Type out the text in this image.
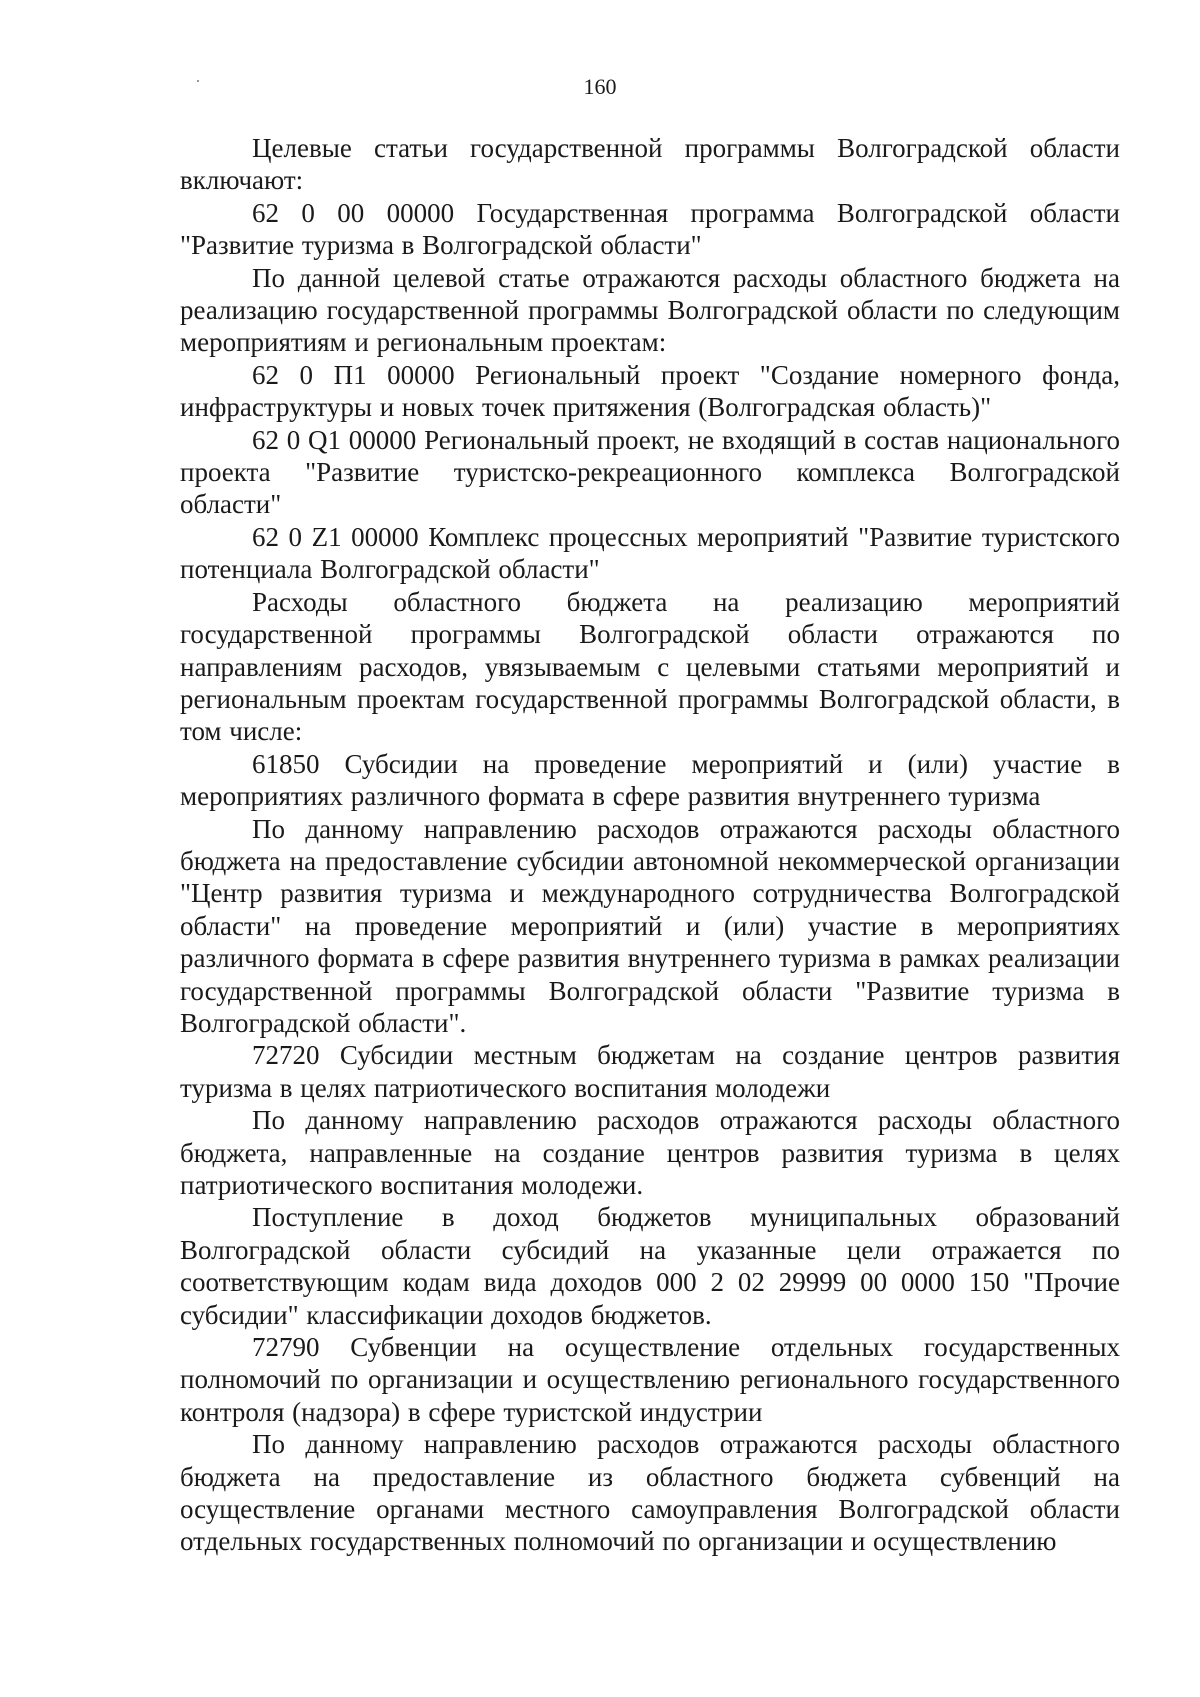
160

Целевые статьи государственной программы Волгоградской области включают:

62 0 00 00000 Государственная программа Волгоградской области "Развитие туризма в Волгоградской области"

По данной целевой статье отражаются расходы областного бюджета на реализацию государственной программы Волгоградской области по следующим мероприятиям и региональным проектам:

62 0 П1 00000 Региональный проект "Создание номерного фонда, инфраструктуры и новых точек притяжения (Волгоградская область)"

62 0 Q1 00000 Региональный проект, не входящий в состав национального проекта "Развитие туристско-рекреационного комплекса Волгоградской области"

62 0 Z1 00000 Комплекс процессных мероприятий "Развитие туристского потенциала Волгоградской области"

Расходы областного бюджета на реализацию мероприятий государственной программы Волгоградской области отражаются по направлениям расходов, увязываемым с целевыми статьями мероприятий и региональным проектам государственной программы Волгоградской области, в том числе:

61850 Субсидии на проведение мероприятий и (или) участие в мероприятиях различного формата в сфере развития внутреннего туризма

По данному направлению расходов отражаются расходы областного бюджета на предоставление субсидии автономной некоммерческой организации "Центр развития туризма и международного сотрудничества Волгоградской области" на проведение мероприятий и (или) участие в мероприятиях различного формата в сфере развития внутреннего туризма в рамках реализации государственной программы Волгоградской области "Развитие туризма в Волгоградской области".

72720 Субсидии местным бюджетам на создание центров развития туризма в целях патриотического воспитания молодежи

По данному направлению расходов отражаются расходы областного бюджета, направленные на создание центров развития туризма в целях патриотического воспитания молодежи.

Поступление в доход бюджетов муниципальных образований Волгоградской области субсидий на указанные цели отражается по соответствующим кодам вида доходов 000 2 02 29999 00 0000 150 "Прочие субсидии" классификации доходов бюджетов.

72790 Субвенции на осуществление отдельных государственных полномочий по организации и осуществлению регионального государственного контроля (надзора) в сфере туристской индустрии

По данному направлению расходов отражаются расходы областного бюджета на предоставление из областного бюджета субвенций на осуществление органами местного самоуправления Волгоградской области отдельных государственных полномочий по организации и осуществлению
